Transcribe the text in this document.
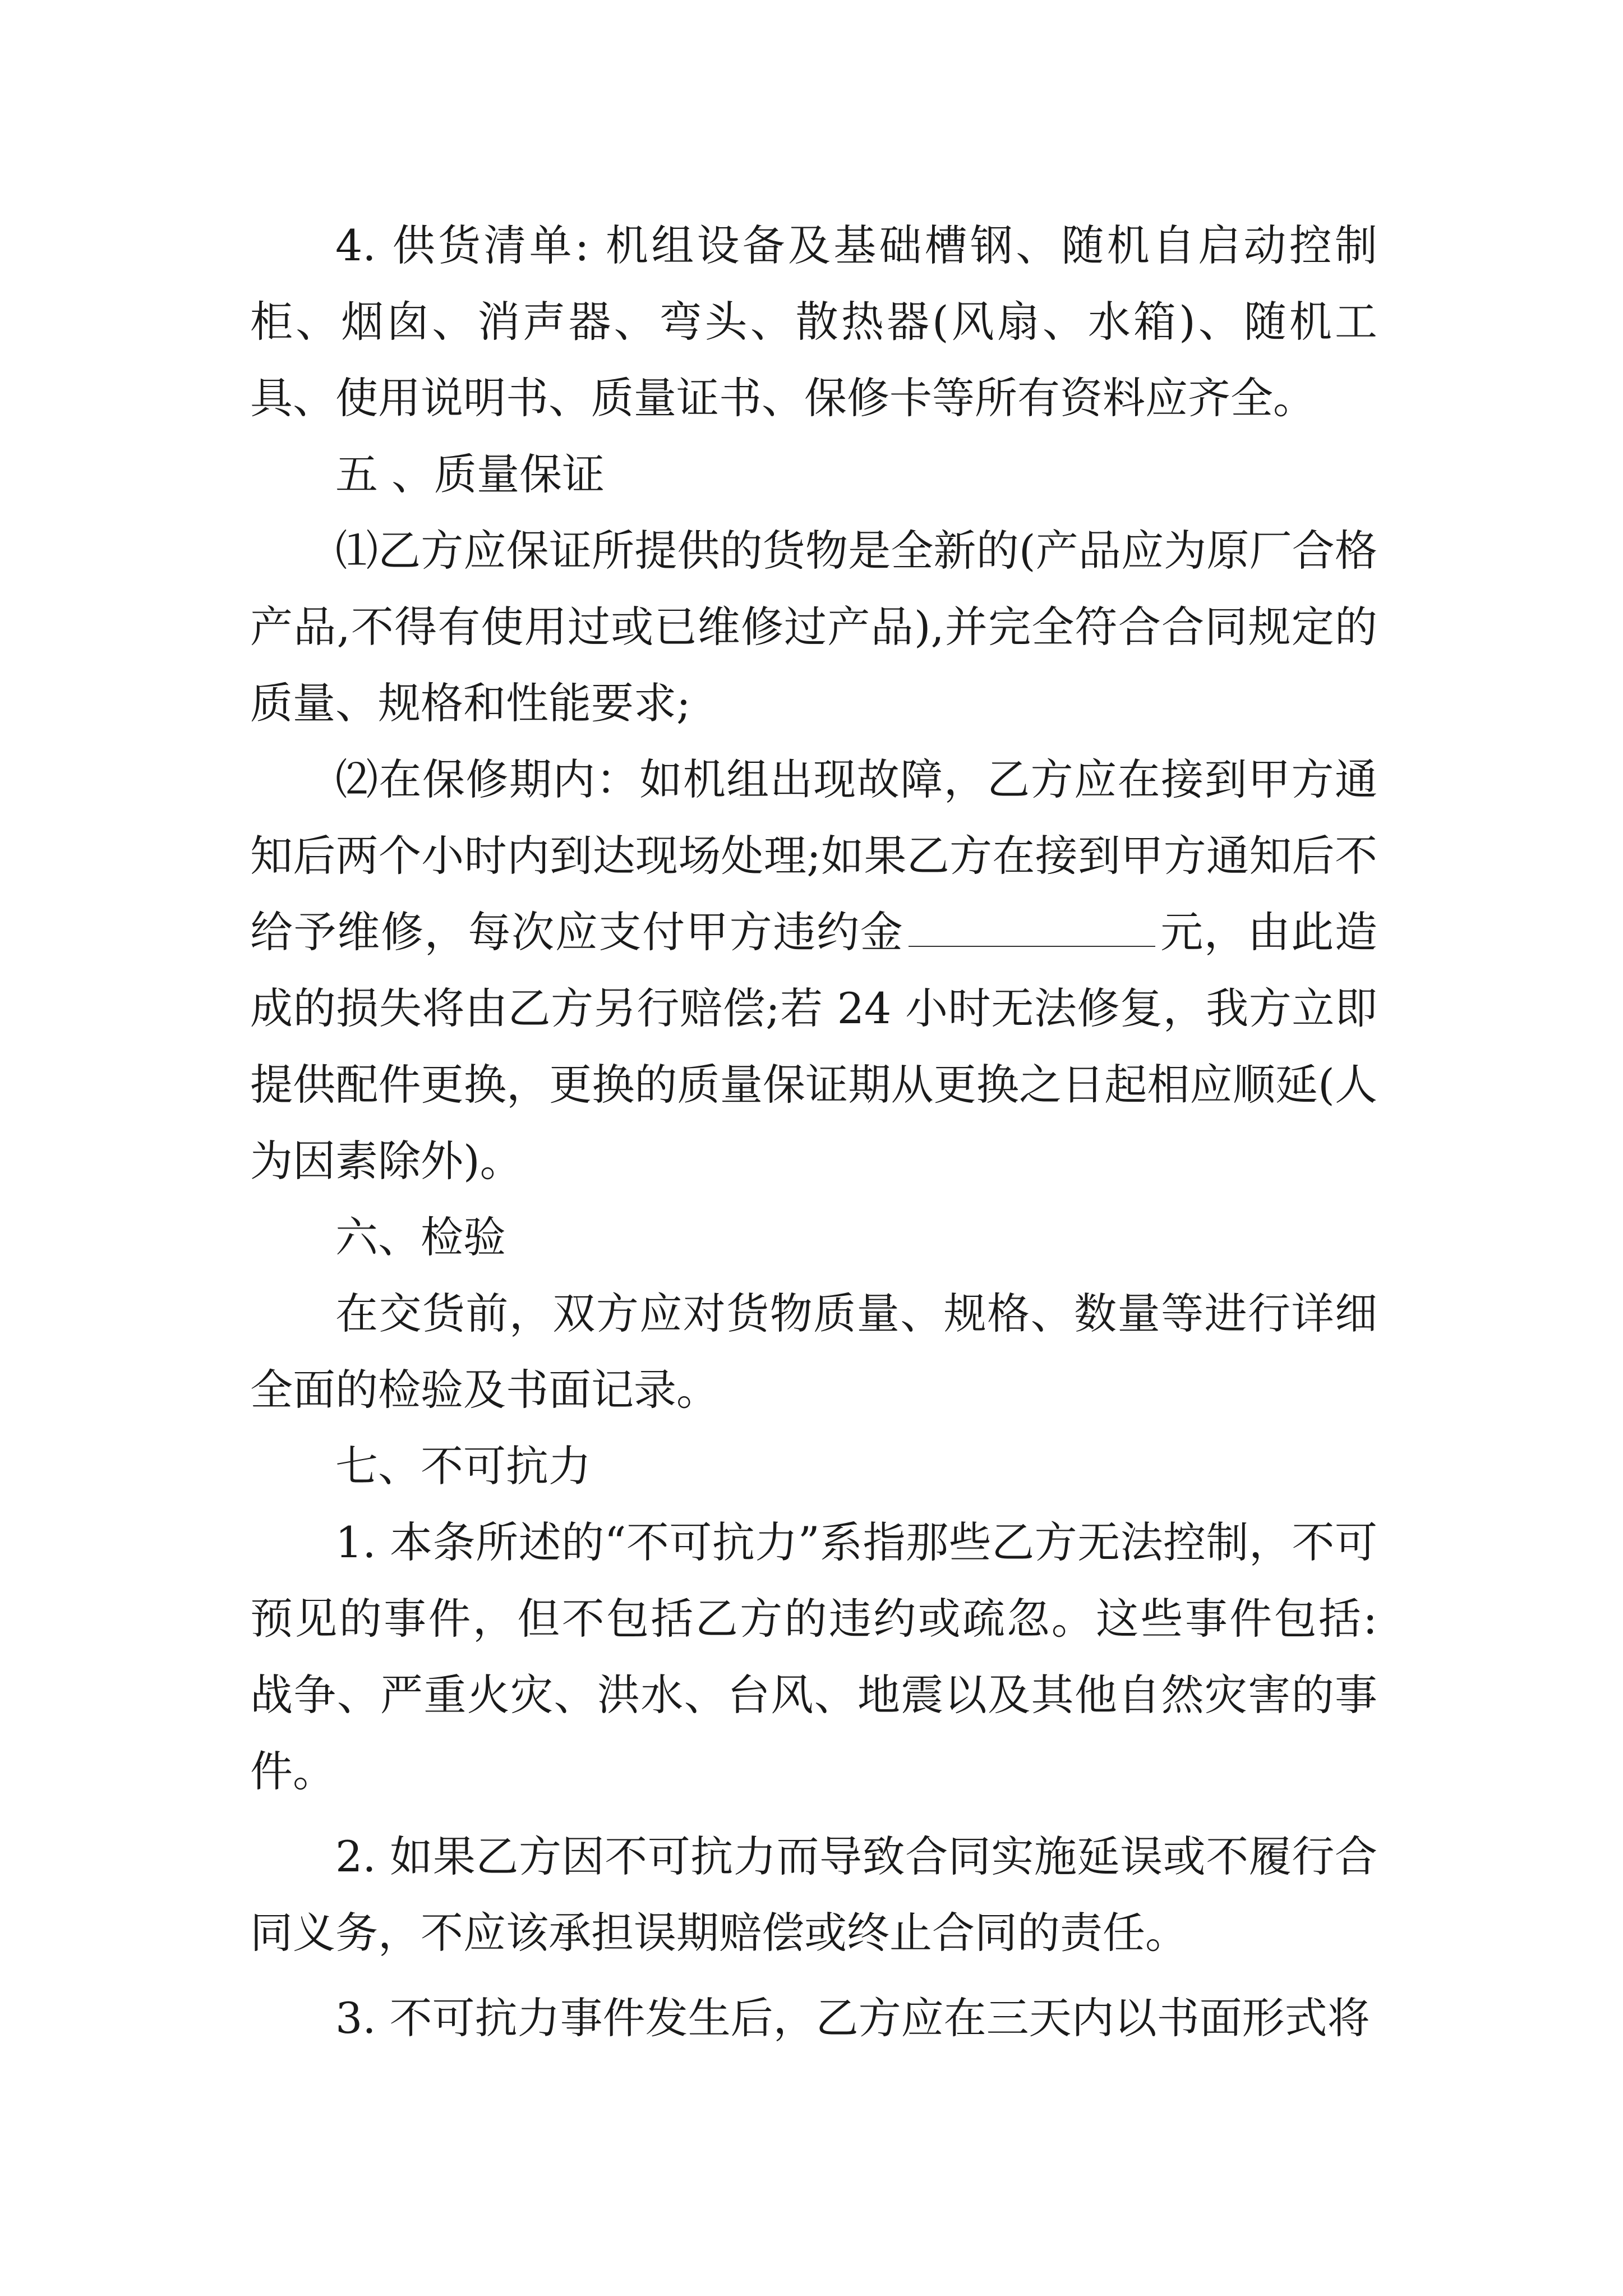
4. 供货清单: 机组设备及基础槽钢、随机自启动控制柜、烟囱、消声器、弯头、散热器(风扇、水箱)、随机工具、使用说明书、质量证书、保修卡等所有资料应齐全。

五 、质量保证

⑴乙方应保证所提供的货物是全新的(产品应为原厂合格产品,不得有使用过或已维修过产品),并完全符合合同规定的质量、规格和性能要求;

⑵在保修期内：如机组出现故障，乙方应在接到甲方通知后两个小时内到达现场处理;如果乙方在接到甲方通知后不给予维修，每次应支付甲方违约金	元，由此造成的损失将由乙方另行赔偿;若 24 小时无法修复，我方立即提供配件更换，更换的质量保证期从更换之日起相应顺延(人为因素除外)。

六、检验

在交货前，双方应对货物质量、规格、数量等进行详细全面的检验及书面记录。

七、不可抗力

1. 本条所述的“不可抗力”系指那些乙方无法控制，不可预见的事件，但不包括乙方的违约或疏忽。这些事件包括: 战争、严重火灾、洪水、台风、地震以及其他自然灾害的事件。

2. 如果乙方因不可抗力而导致合同实施延误或不履行合同义务，不应该承担误期赔偿或终止合同的责任。

3. 不可抗力事件发生后，乙方应在三天内以书面形式将
